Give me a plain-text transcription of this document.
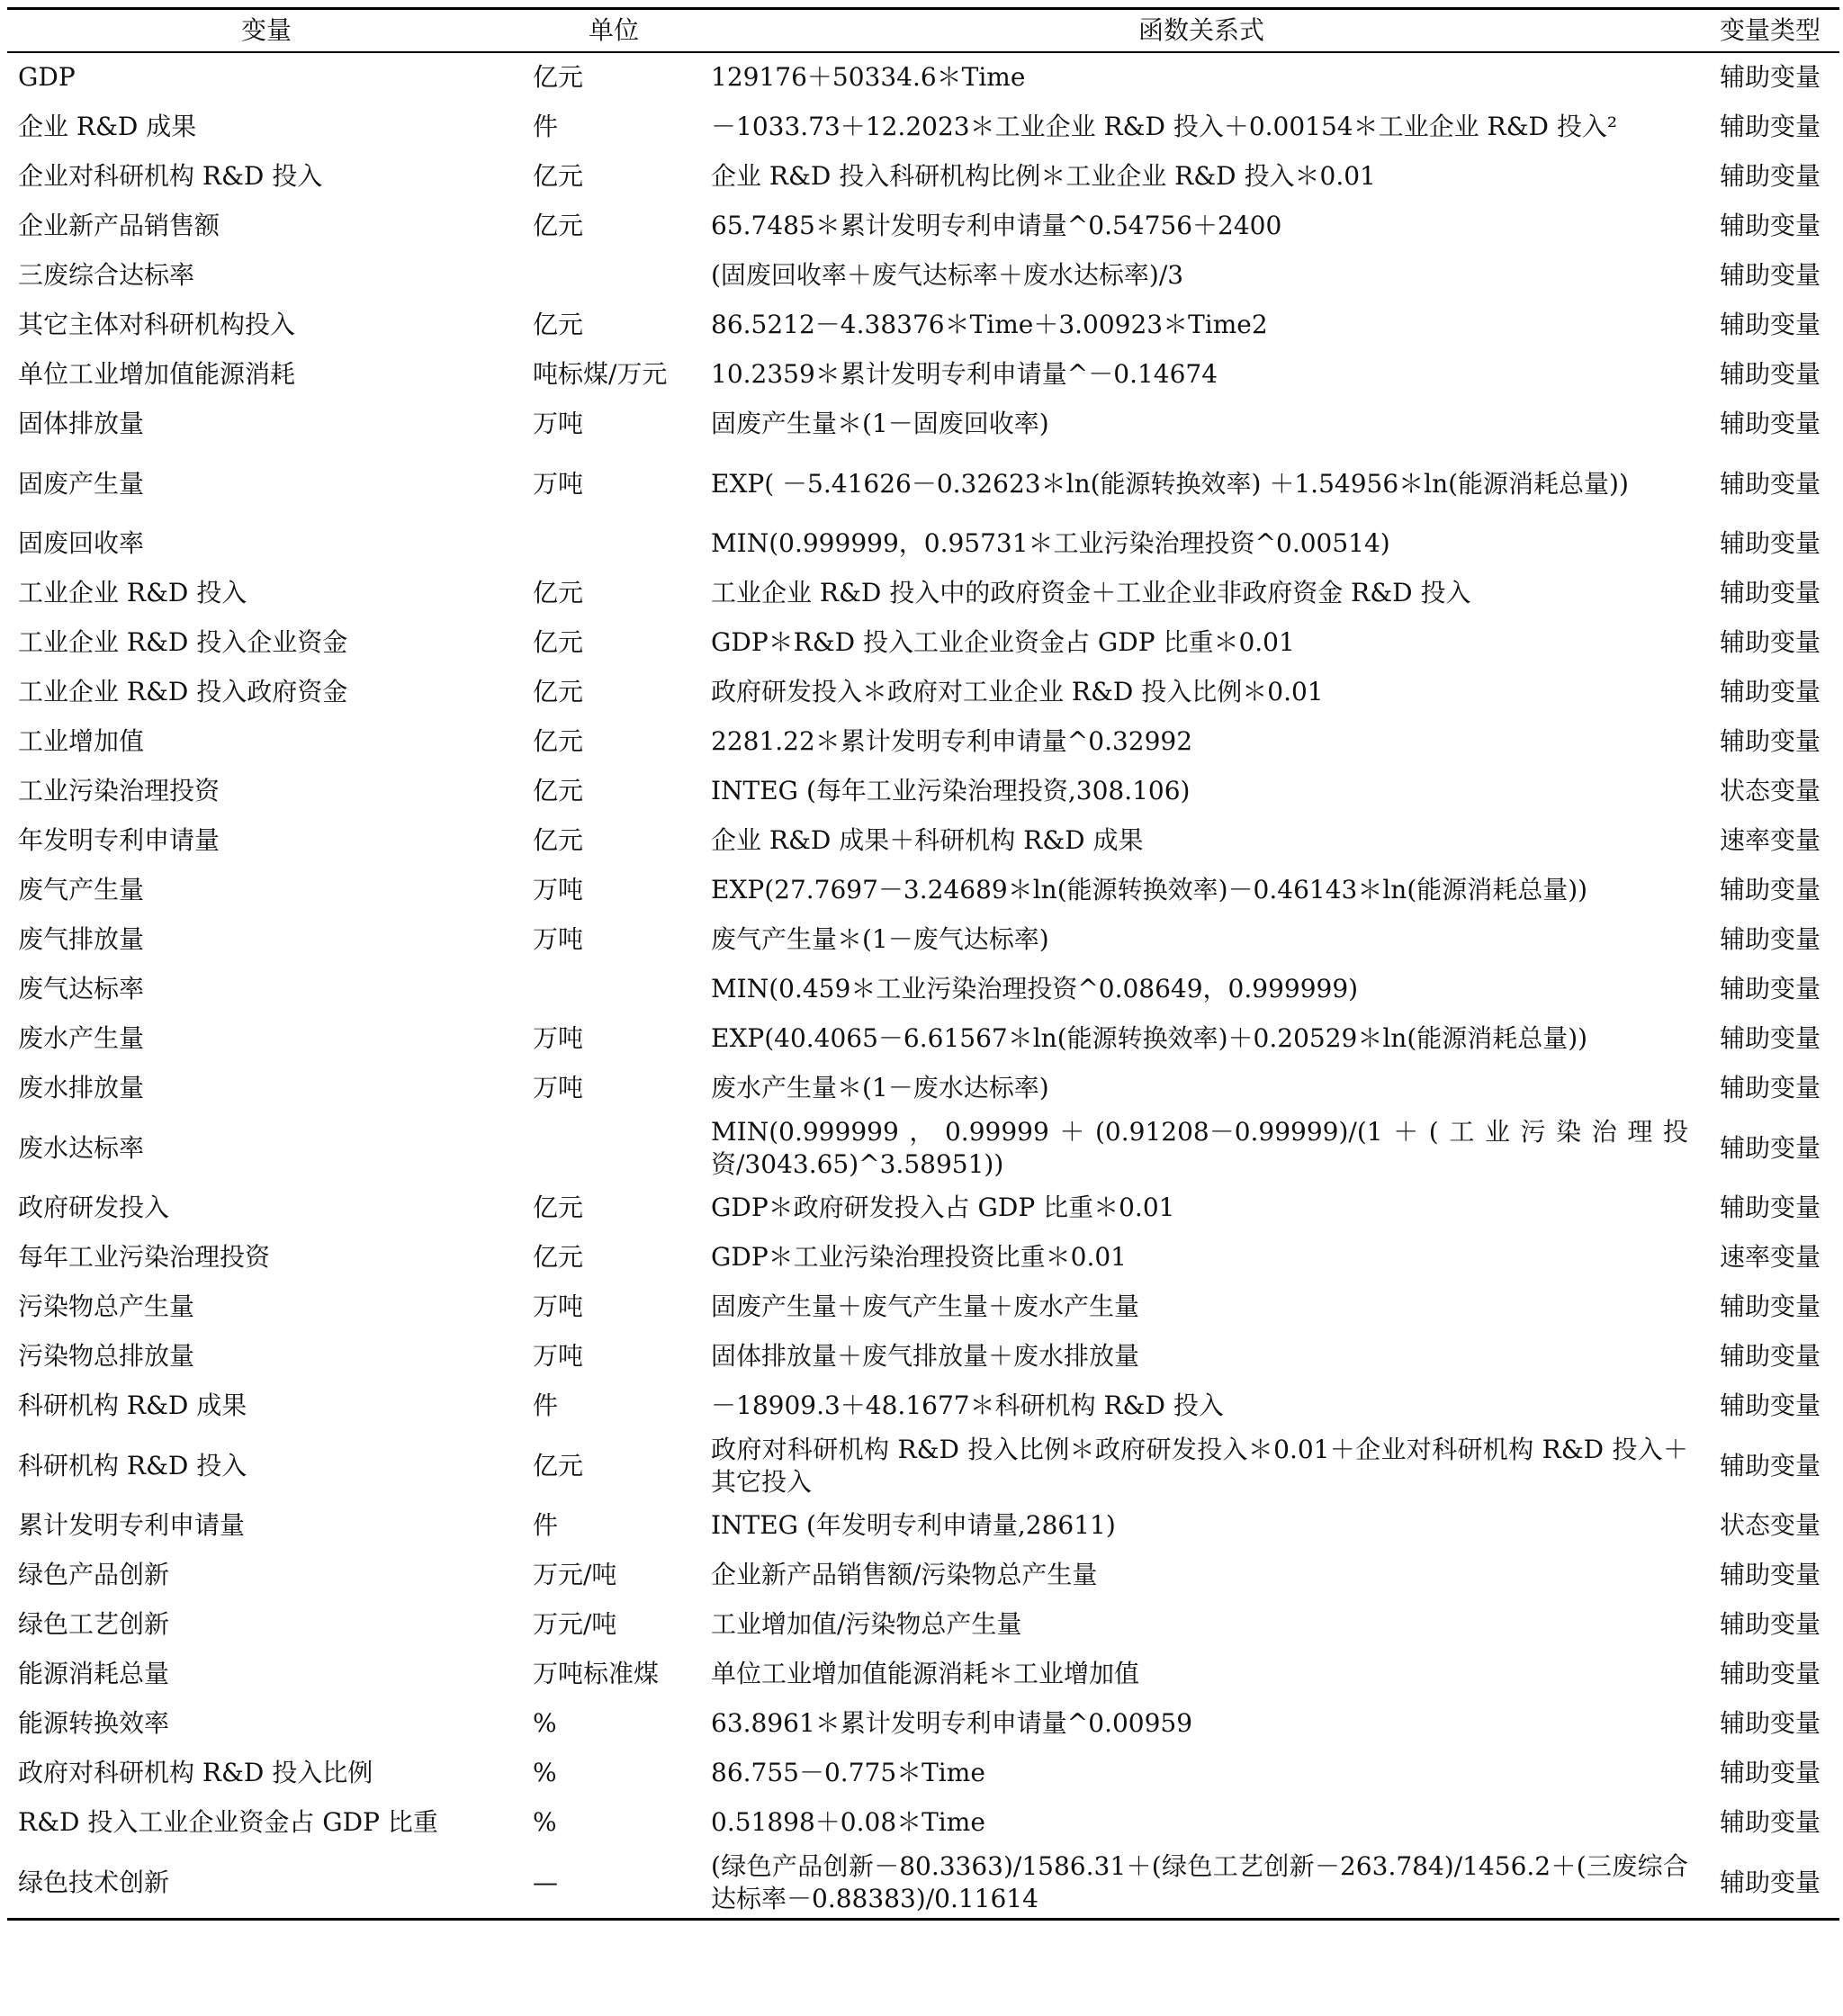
变量	单位	函数关系式	变量类型
GDP	亿元	129176＋50334.6＊Time	辅助变量
企业 R&D 成果	件	－1033.73＋12.2023＊工业企业 R&D 投入＋0.00154＊工业企业 R&D 投入²	辅助变量
企业对科研机构 R&D 投入	亿元	企业 R&D 投入科研机构比例＊工业企业 R&D 投入＊0.01	辅助变量
企业新产品销售额	亿元	65.7485＊累计发明专利申请量^0.54756＋2400	辅助变量
三废综合达标率		(固废回收率＋废气达标率＋废水达标率)/3	辅助变量
其它主体对科研机构投入	亿元	86.5212－4.38376＊Time＋3.00923＊Time2	辅助变量
单位工业增加值能源消耗	吨标煤/万元	10.2359＊累计发明专利申请量^－0.14674	辅助变量
固体排放量	万吨	固废产生量＊(1－固废回收率)	辅助变量
固废产生量	万吨	EXP( －5.41626－0.32623＊ln(能源转换效率) ＋1.54956＊ln(能源消耗总量))	辅助变量
固废回收率		MIN(0.999999，0.95731＊工业污染治理投资^0.00514)	辅助变量
工业企业 R&D 投入	亿元	工业企业 R&D 投入中的政府资金＋工业企业非政府资金 R&D 投入	辅助变量
工业企业 R&D 投入企业资金	亿元	GDP＊R&D 投入工业企业资金占 GDP 比重＊0.01	辅助变量
工业企业 R&D 投入政府资金	亿元	政府研发投入＊政府对工业企业 R&D 投入比例＊0.01	辅助变量
工业增加值	亿元	2281.22＊累计发明专利申请量^0.32992	辅助变量
工业污染治理投资	亿元	INTEG (每年工业污染治理投资,308.106)	状态变量
年发明专利申请量	亿元	企业 R&D 成果＋科研机构 R&D 成果	速率变量
废气产生量	万吨	EXP(27.7697－3.24689＊ln(能源转换效率)－0.46143＊ln(能源消耗总量))	辅助变量
废气排放量	万吨	废气产生量＊(1－废气达标率)	辅助变量
废气达标率		MIN(0.459＊工业污染治理投资^0.08649，0.999999)	辅助变量
废水产生量	万吨	EXP(40.4065－6.61567＊ln(能源转换效率)＋0.20529＊ln(能源消耗总量))	辅助变量
废水排放量	万吨	废水产生量＊(1－废水达标率)	辅助变量
废水达标率		MIN(0.999999，0.99999＋(0.91208－0.99999)/(1＋(工业污染治理投资/3043.65)^3.58951))	辅助变量
政府研发投入	亿元	GDP＊政府研发投入占 GDP 比重＊0.01	辅助变量
每年工业污染治理投资	亿元	GDP＊工业污染治理投资比重＊0.01	速率变量
污染物总产生量	万吨	固废产生量＋废气产生量＋废水产生量	辅助变量
污染物总排放量	万吨	固体排放量＋废气排放量＋废水排放量	辅助变量
科研机构 R&D 成果	件	－18909.3＋48.1677＊科研机构 R&D 投入	辅助变量
科研机构 R&D 投入	亿元	政府对科研机构 R&D 投入比例＊政府研发投入＊0.01＋企业对科研机构 R&D 投入＋其它投入	辅助变量
累计发明专利申请量	件	INTEG (年发明专利申请量,28611)	状态变量
绿色产品创新	万元/吨	企业新产品销售额/污染物总产生量	辅助变量
绿色工艺创新	万元/吨	工业增加值/污染物总产生量	辅助变量
能源消耗总量	万吨标准煤	单位工业增加值能源消耗＊工业增加值	辅助变量
能源转换效率	%	63.8961＊累计发明专利申请量^0.00959	辅助变量
政府对科研机构 R&D 投入比例	%	86.755－0.775＊Time	辅助变量
R&D 投入工业企业资金占 GDP 比重	%	0.51898＋0.08＊Time	辅助变量
绿色技术创新	—	(绿色产品创新－80.3363)/1586.31＋(绿色工艺创新－263.784)/1456.2＋(三废综合达标率－0.88383)/0.11614	辅助变量
